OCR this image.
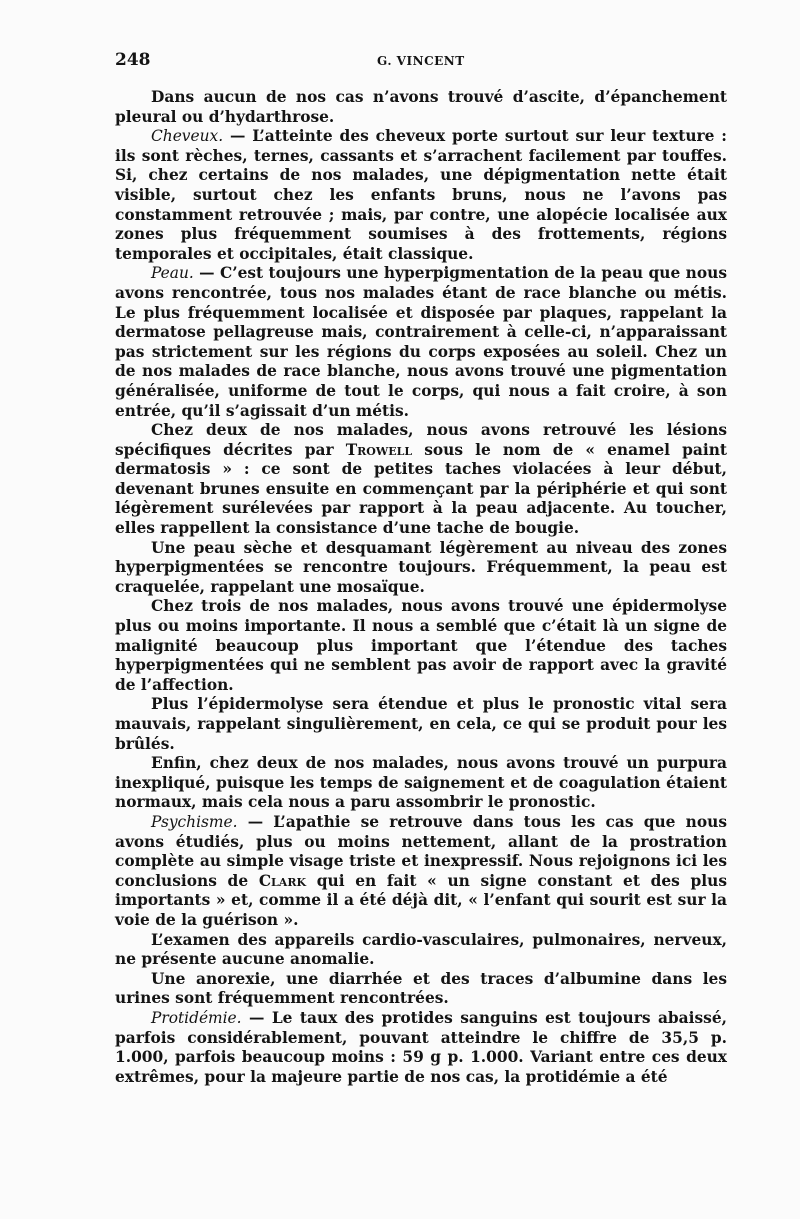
248	G. VINCENT

Dans aucun de nos cas n’avons trouvé d’ascite, d’épanchement pleural ou d’hydarthrose.

Cheveux. — L’atteinte des cheveux porte surtout sur leur texture : ils sont rèches, ternes, cassants et s’arrachent facilement par touffes. Si, chez certains de nos malades, une dépigmentation nette était visible, surtout chez les enfants bruns, nous ne l’avons pas constamment retrouvée ; mais, par contre, une alopécie localisée aux zones plus fréquemment soumises à des frottements, régions temporales et occipitales, était classique.

Peau. — C’est toujours une hyperpigmentation de la peau que nous avons rencontrée, tous nos malades étant de race blanche ou métis. Le plus fréquemment localisée et disposée par plaques, rappelant la dermatose pellagreuse mais, contrairement à celle-ci, n’apparaissant pas strictement sur les régions du corps exposées au soleil. Chez un de nos malades de race blanche, nous avons trouvé une pigmentation généralisée, uniforme de tout le corps, qui nous a fait croire, à son entrée, qu’il s’agissait d’un métis.

Chez deux de nos malades, nous avons retrouvé les lésions spécifiques décrites par Trowell sous le nom de « enamel paint dermatosis » : ce sont de petites taches violacées à leur début, devenant brunes ensuite en commençant par la périphérie et qui sont légèrement surélevées par rapport à la peau adjacente. Au toucher, elles rappellent la consistance d’une tache de bougie.

Une peau sèche et desquamant légèrement au niveau des zones hyperpigmentées se rencontre toujours. Fréquemment, la peau est craquelée, rappelant une mosaïque.

Chez trois de nos malades, nous avons trouvé une épidermolyse plus ou moins importante. Il nous a semblé que c’était là un signe de malignité beaucoup plus important que l’étendue des taches hyperpigmentées qui ne semblent pas avoir de rapport avec la gravité de l’affection.

Plus l’épidermolyse sera étendue et plus le pronostic vital sera mauvais, rappelant singulièrement, en cela, ce qui se produit pour les brûlés.

Enfin, chez deux de nos malades, nous avons trouvé un purpura inexpliqué, puisque les temps de saignement et de coagulation étaient normaux, mais cela nous a paru assombrir le pronostic.

Psychisme. — L’apathie se retrouve dans tous les cas que nous avons étudiés, plus ou moins nettement, allant de la prostration complète au simple visage triste et inexpressif. Nous rejoignons ici les conclusions de Clark qui en fait « un signe constant et des plus importants » et, comme il a été déjà dit, « l’enfant qui sourit est sur la voie de la guérison ».

L’examen des appareils cardio-vasculaires, pulmonaires, nerveux, ne présente aucune anomalie.

Une anorexie, une diarrhée et des traces d’albumine dans les urines sont fréquemment rencontrées.

Protidémie. — Le taux des protides sanguins est toujours abaissé, parfois considérablement, pouvant atteindre le chiffre de 35,5 p. 1.000, parfois beaucoup moins : 59 g p. 1.000. Variant entre ces deux extrêmes, pour la majeure partie de nos cas, la protidémie a été
